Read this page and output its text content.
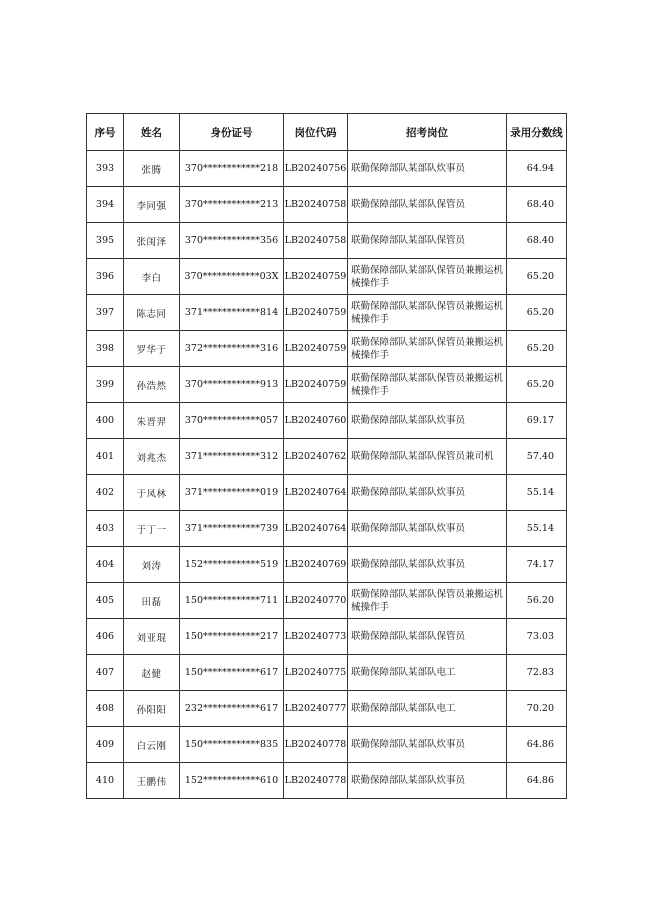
序号	姓名	身份证号	岗位代码	招考岗位	录用分数线
393	张腾	370************218	LB20240756	联勤保障部队某部队炊事员	64.94
394	李同强	370************213	LB20240758	联勤保障部队某部队保管员	68.40
395	张闺泽	370************356	LB20240758	联勤保障部队某部队保管员	68.40
396	李白	370************03X	LB20240759	联勤保障部队某部队保管员兼搬运机械操作手	65.20
397	陈志同	371************814	LB20240759	联勤保障部队某部队保管员兼搬运机械操作手	65.20
398	罗华于	372************316	LB20240759	联勤保障部队某部队保管员兼搬运机械操作手	65.20
399	孙浩然	370************913	LB20240759	联勤保障部队某部队保管员兼搬运机械操作手	65.20
400	朱晋羿	370************057	LB20240760	联勤保障部队某部队炊事员	69.17
401	刘兆杰	371************312	LB20240762	联勤保障部队某部队保管员兼司机	57.40
402	于凤林	371************019	LB20240764	联勤保障部队某部队炊事员	55.14
403	于丁一	371************739	LB20240764	联勤保障部队某部队炊事员	55.14
404	刘涛	152************519	LB20240769	联勤保障部队某部队炊事员	74.17
405	田磊	150************711	LB20240770	联勤保障部队某部队保管员兼搬运机械操作手	56.20
406	刘亚琨	150************217	LB20240773	联勤保障部队某部队保管员	73.03
407	赵健	150************617	LB20240775	联勤保障部队某部队电工	72.83
408	孙阳阳	232************617	LB20240777	联勤保障部队某部队电工	70.20
409	白云刚	150************835	LB20240778	联勤保障部队某部队炊事员	64.86
410	王鹏伟	152************610	LB20240778	联勤保障部队某部队炊事员	64.86
